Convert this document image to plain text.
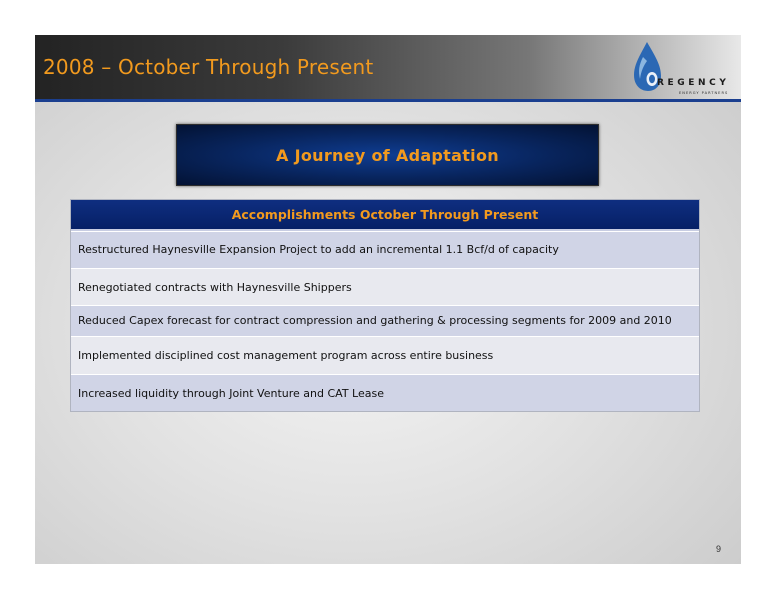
2008 – October Through Present
REGENCY
ENERGY PARTNERS
A Journey of Adaptation
Accomplishments October Through Present
Restructured Haynesville Expansion Project to add an incremental 1.1 Bcf/d of capacity
Renegotiated contracts with Haynesville Shippers
Reduced Capex forecast for contract compression and gathering & processing segments for 2009 and 2010
Implemented disciplined cost management program across entire business
Increased liquidity through Joint Venture and CAT Lease
9
